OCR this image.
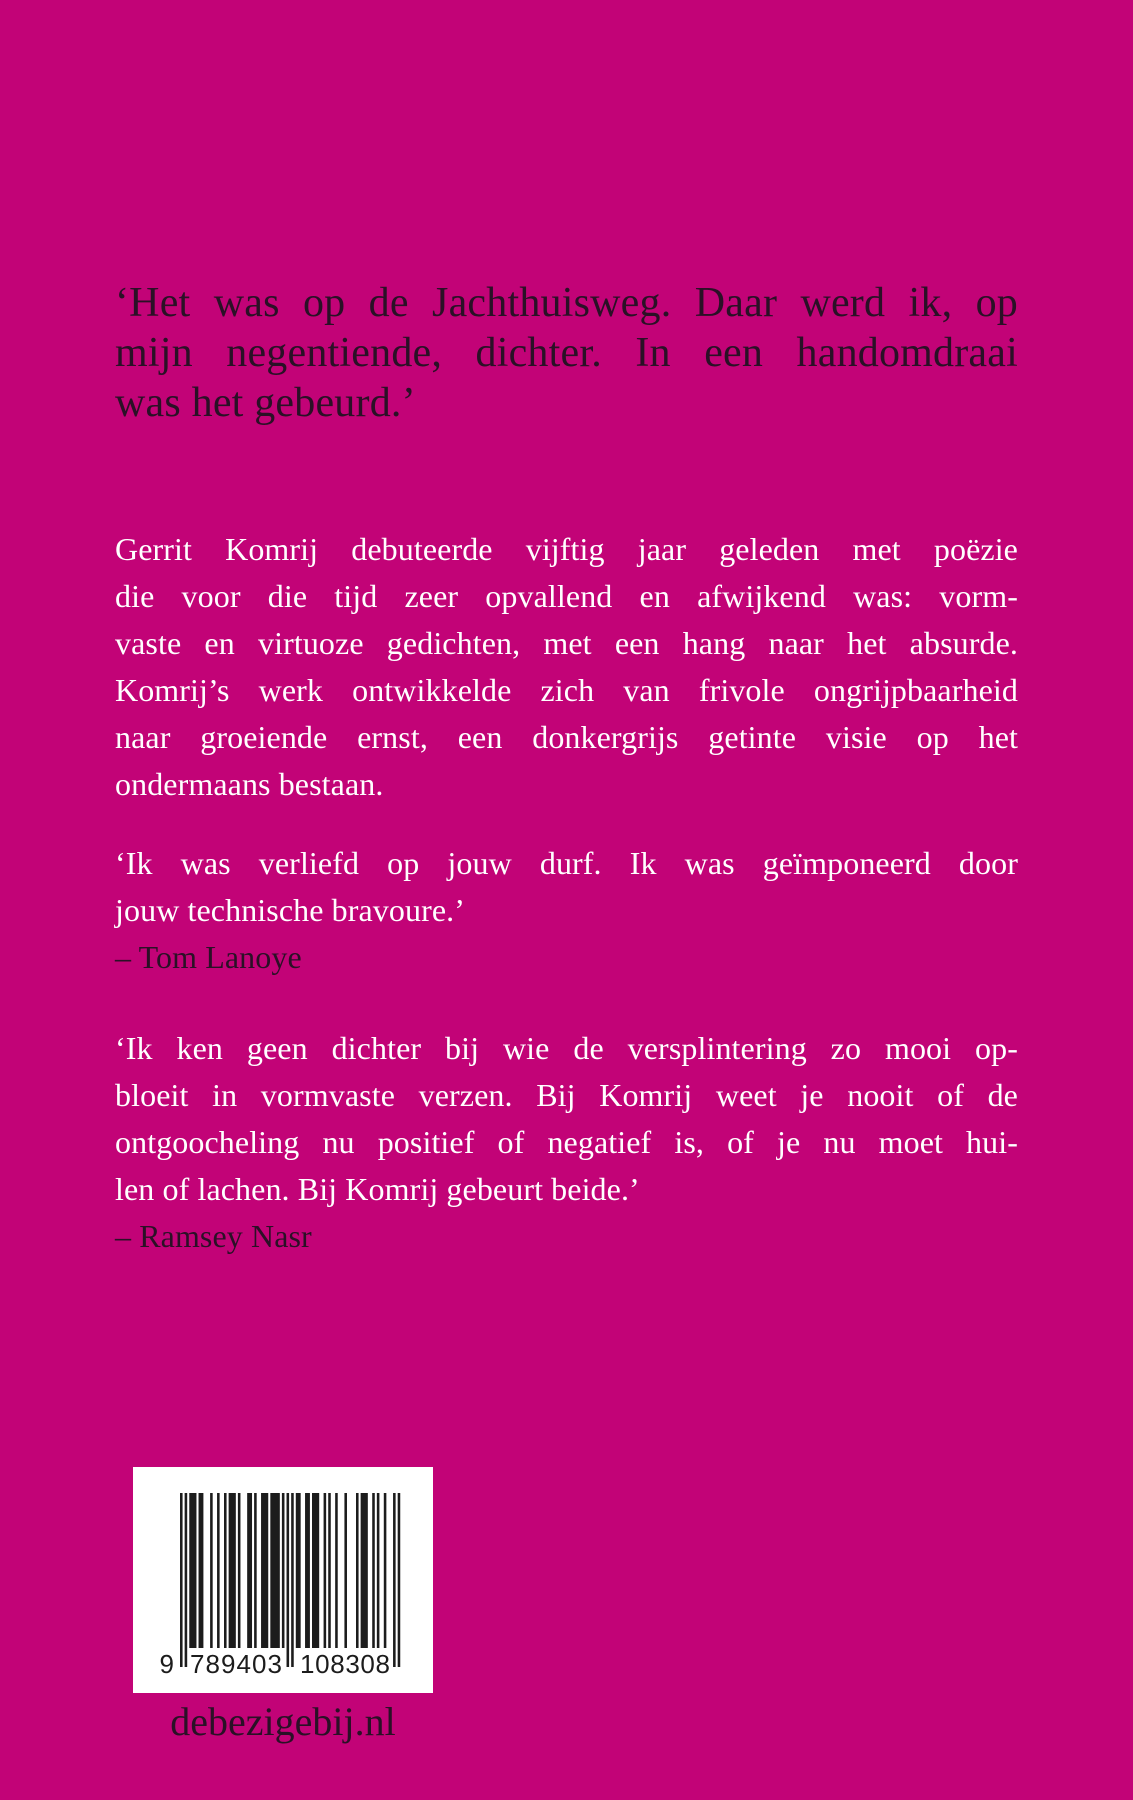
‘Het was op de Jachthuisweg. Daar werd ik, op
mijn negentiende, dichter. In een handomdraai
was het gebeurd.’
Gerrit Komrij debuteerde vijftig jaar geleden met poëzie
die voor die tijd zeer opvallend en afwijkend was: vorm-
vaste en virtuoze gedichten, met een hang naar het absurde.
Komrij’s werk ontwikkelde zich van frivole ongrijpbaarheid
naar groeiende ernst, een donkergrijs getinte visie op het
ondermaans bestaan.
‘Ik was verliefd op jouw durf. Ik was geïmponeerd door
jouw technische bravoure.’
– Tom Lanoye
‘Ik ken geen dichter bij wie de versplintering zo mooi op-
bloeit in vormvaste verzen. Bij Komrij weet je nooit of de
ontgoocheling nu positief of negatief is, of je nu moet hui-
len of lachen. Bij Komrij gebeurt beide.’
– Ramsey Nasr
9 789403 108308
debezigebij.nl
